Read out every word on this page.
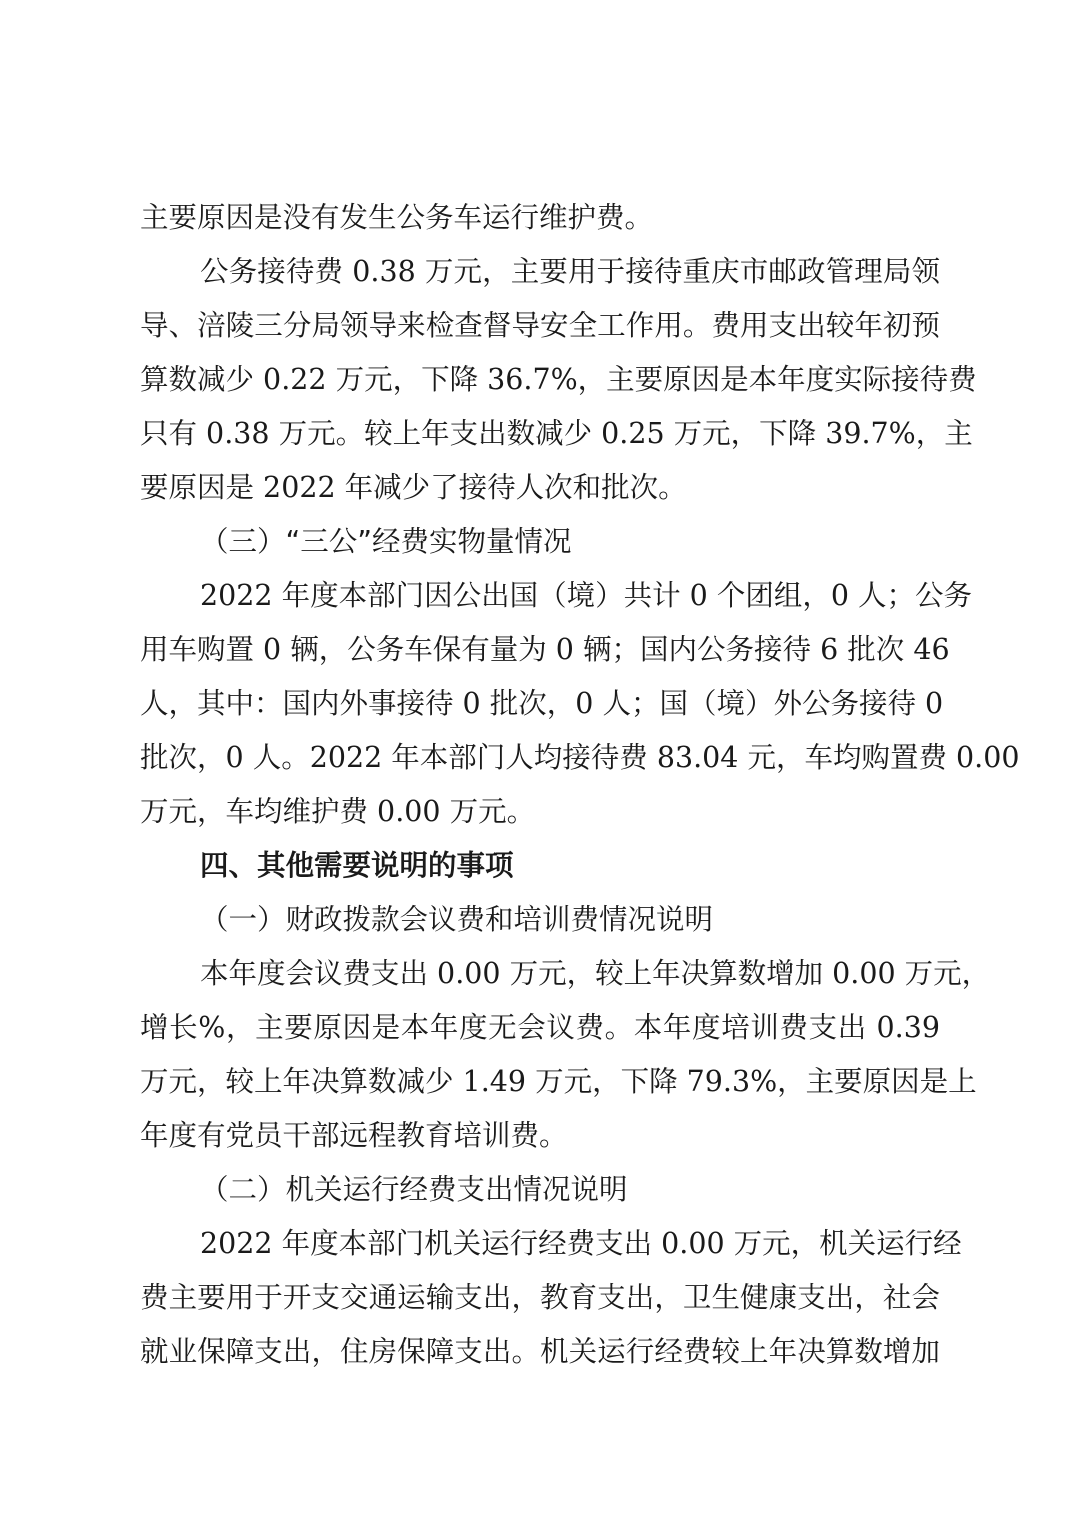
主要原因是没有发生公务车运行维护费。
公务接待费 0.38 万元，主要用于接待重庆市邮政管理局领
导、涪陵三分局领导来检查督导安全工作用。费用支出较年初预
算数减少 0.22 万元，下降 36.7%，主要原因是本年度实际接待费
只有 0.38 万元。较上年支出数减少 0.25 万元，下降 39.7%，主
要原因是 2022 年减少了接待人次和批次。
（三）“三公”经费实物量情况
2022 年度本部门因公出国（境）共计 0 个团组，0 人；公务
用车购置 0 辆，公务车保有量为 0 辆；国内公务接待 6 批次 46
人，其中：国内外事接待 0 批次，0 人；国（境）外公务接待 0
批次，0 人。2022 年本部门人均接待费 83.04 元，车均购置费 0.00
万元，车均维护费 0.00 万元。
四、其他需要说明的事项
（一）财政拨款会议费和培训费情况说明
本年度会议费支出 0.00 万元，较上年决算数增加 0.00 万元，
增长%，主要原因是本年度无会议费。本年度培训费支出 0.39
万元，较上年决算数减少 1.49 万元，下降 79.3%，主要原因是上
年度有党员干部远程教育培训费。
（二）机关运行经费支出情况说明
2022 年度本部门机关运行经费支出 0.00 万元，机关运行经
费主要用于开支交通运输支出，教育支出，卫生健康支出，社会
就业保障支出，住房保障支出。机关运行经费较上年决算数增加
